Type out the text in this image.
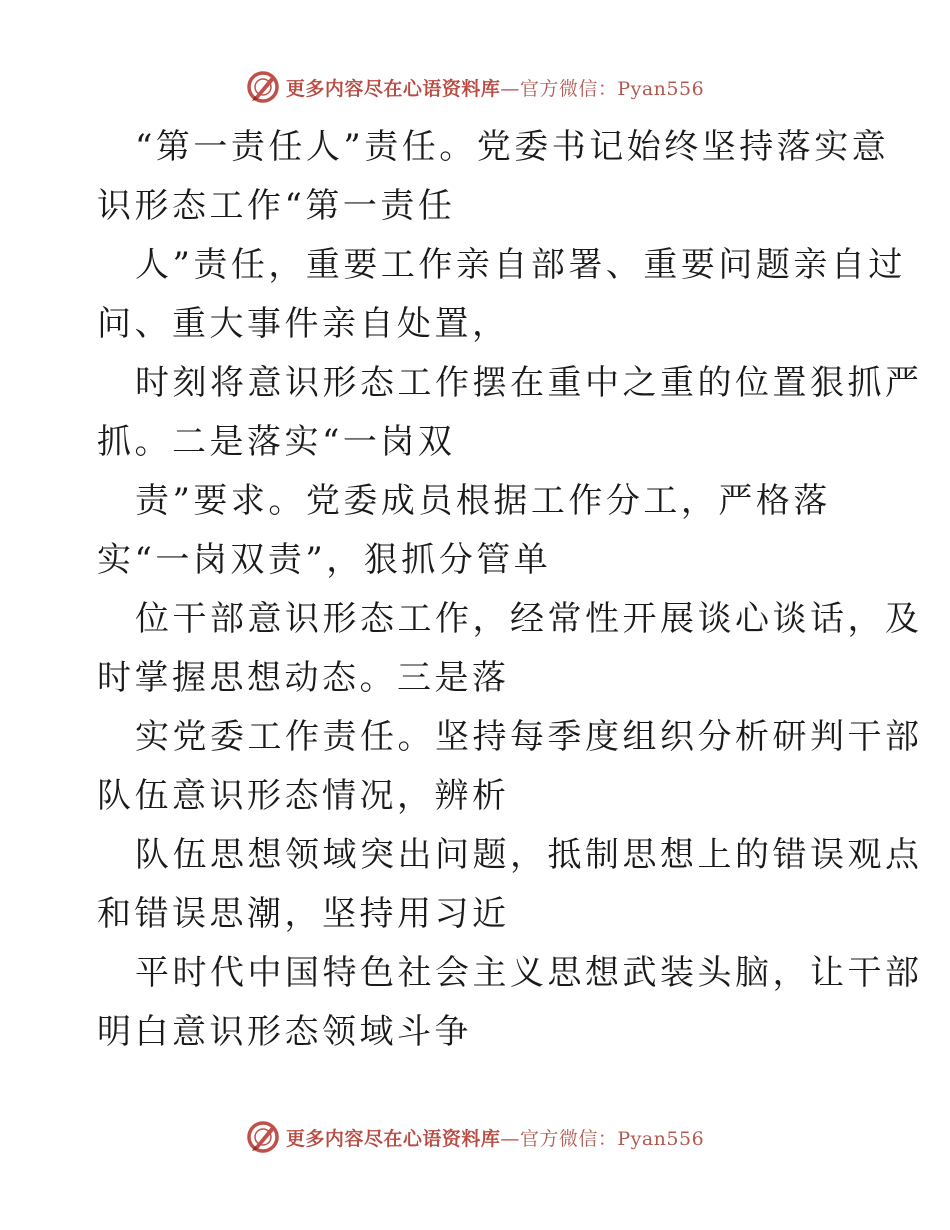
更多内容尽在心语资料库—官方微信：Pyan556
“第一责任人”责任。党委书记始终坚持落实意
识形态工作“第一责任
人”责任，重要工作亲自部署、重要问题亲自过
问、重大事件亲自处置，
时刻将意识形态工作摆在重中之重的位置狠抓严
抓。二是落实“一岗双
责”要求。党委成员根据工作分工，严格落
实“一岗双责”，狠抓分管单
位干部意识形态工作，经常性开展谈心谈话，及
时掌握思想动态。三是落
实党委工作责任。坚持每季度组织分析研判干部
队伍意识形态情况，辨析
队伍思想领域突出问题，抵制思想上的错误观点
和错误思潮，坚持用习近
平时代中国特色社会主义思想武装头脑，让干部
明白意识形态领域斗争
更多内容尽在心语资料库—官方微信：Pyan556
